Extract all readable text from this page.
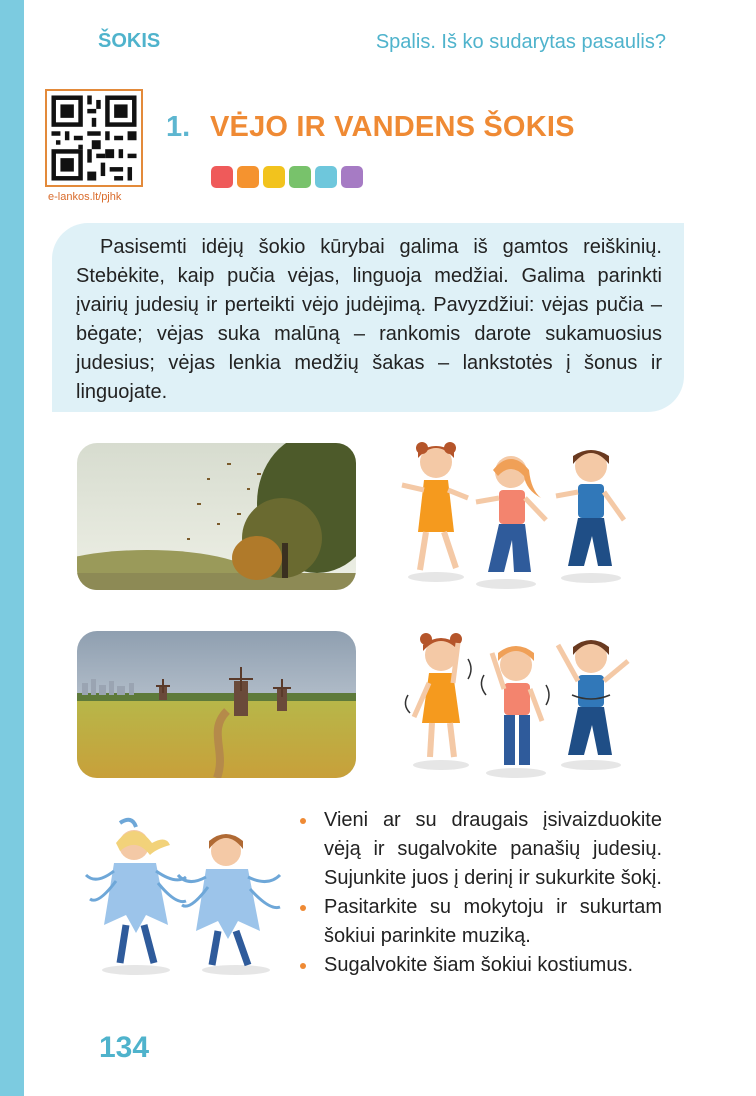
ŠOKIS	Spalis. Iš ko sudarytas pasaulis?
e-lankos.lt/pjhk
1. VĖJO IR VANDENS ŠOKIS
Pasisemti idėjų šokio kūrybai galima iš gamtos reiškinių. Stebėkite, kaip pučia vėjas, linguoja medžiai. Galima parinkti įvairių judesių ir perteikti vėjo judėjimą. Pavyzdžiui: vėjas pučia – bėgate; vėjas suka malūną – rankomis darote sukamuosius judesius; vėjas lenkia medžių šakas – lankstotės į šonus ir linguojate.
Vieni ar su draugais įsivaizduokite vėją ir sugalvokite panašių judesių. Sujunkite juos į derinį ir sukurkite šokį.
Pasitarkite su mokytoju ir sukurtam šokiui parinkite muziką.
Sugalvokite šiam šokiui kostiumus.
134
